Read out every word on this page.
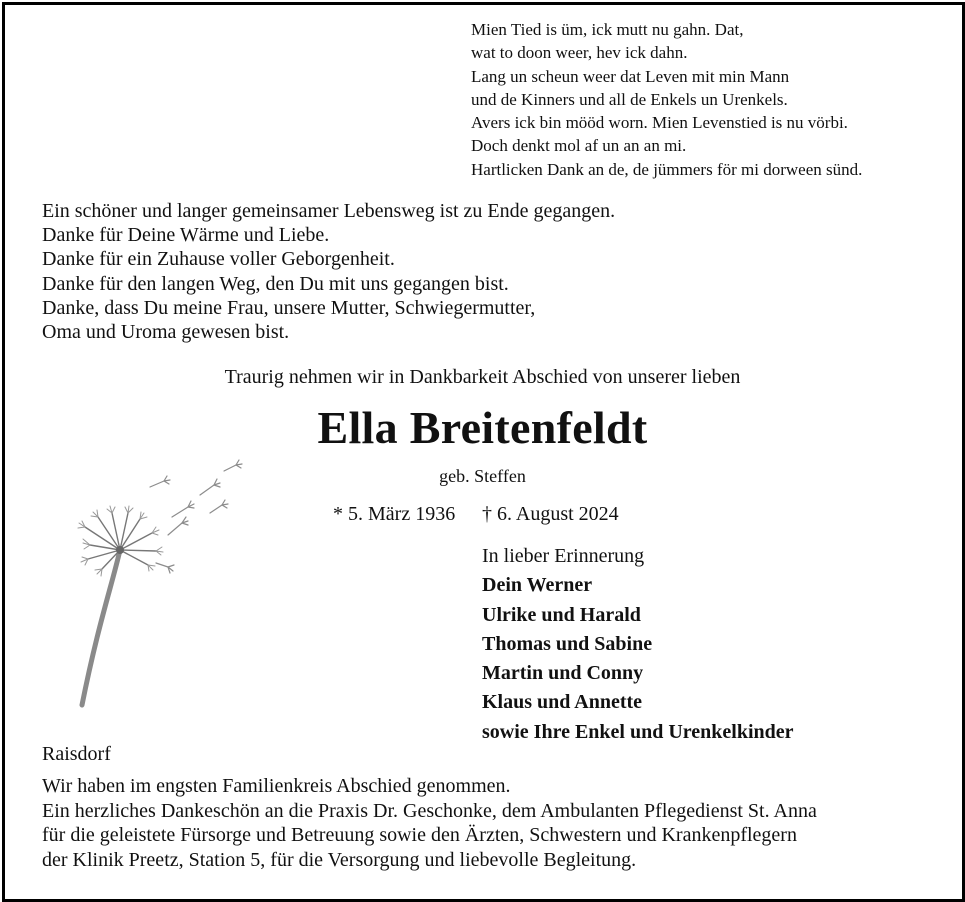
Mien Tied is üm, ick mutt nu gahn. Dat,
wat to doon weer, hev ick dahn.
Lang un scheun weer dat Leven mit min Mann
und de Kinners und all de Enkels un Urenkels.
Avers ick bin mööd worn. Mien Levenstied is nu vörbi.
Doch denkt mol af un an an mi.
Hartlicken Dank an de, de jümmers för mi dorween sünd.
Ein schöner und langer gemeinsamer Lebensweg ist zu Ende gegangen.
Danke für Deine Wärme und Liebe.
Danke für ein Zuhause voller Geborgenheit.
Danke für den langen Weg, den Du mit uns gegangen bist.
Danke, dass Du meine Frau, unsere Mutter, Schwiegermutter,
Oma und Uroma gewesen bist.
Traurig nehmen wir in Dankbarkeit Abschied von unserer lieben
Ella Breitenfeldt
geb. Steffen
* 5. März 1936 † 6. August 2024
In lieber Erinnerung
Dein Werner
Ulrike und Harald
Thomas und Sabine
Martin und Conny
Klaus und Annette
sowie Ihre Enkel und Urenkelkinder
Raisdorf
Wir haben im engsten Familienkreis Abschied genommen.
Ein herzliches Dankeschön an die Praxis Dr. Geschonke, dem Ambulanten Pflegedienst St. Anna
für die geleistete Fürsorge und Betreuung sowie den Ärzten, Schwestern und Krankenpflegern
der Klinik Preetz, Station 5, für die Versorgung und liebevolle Begleitung.
